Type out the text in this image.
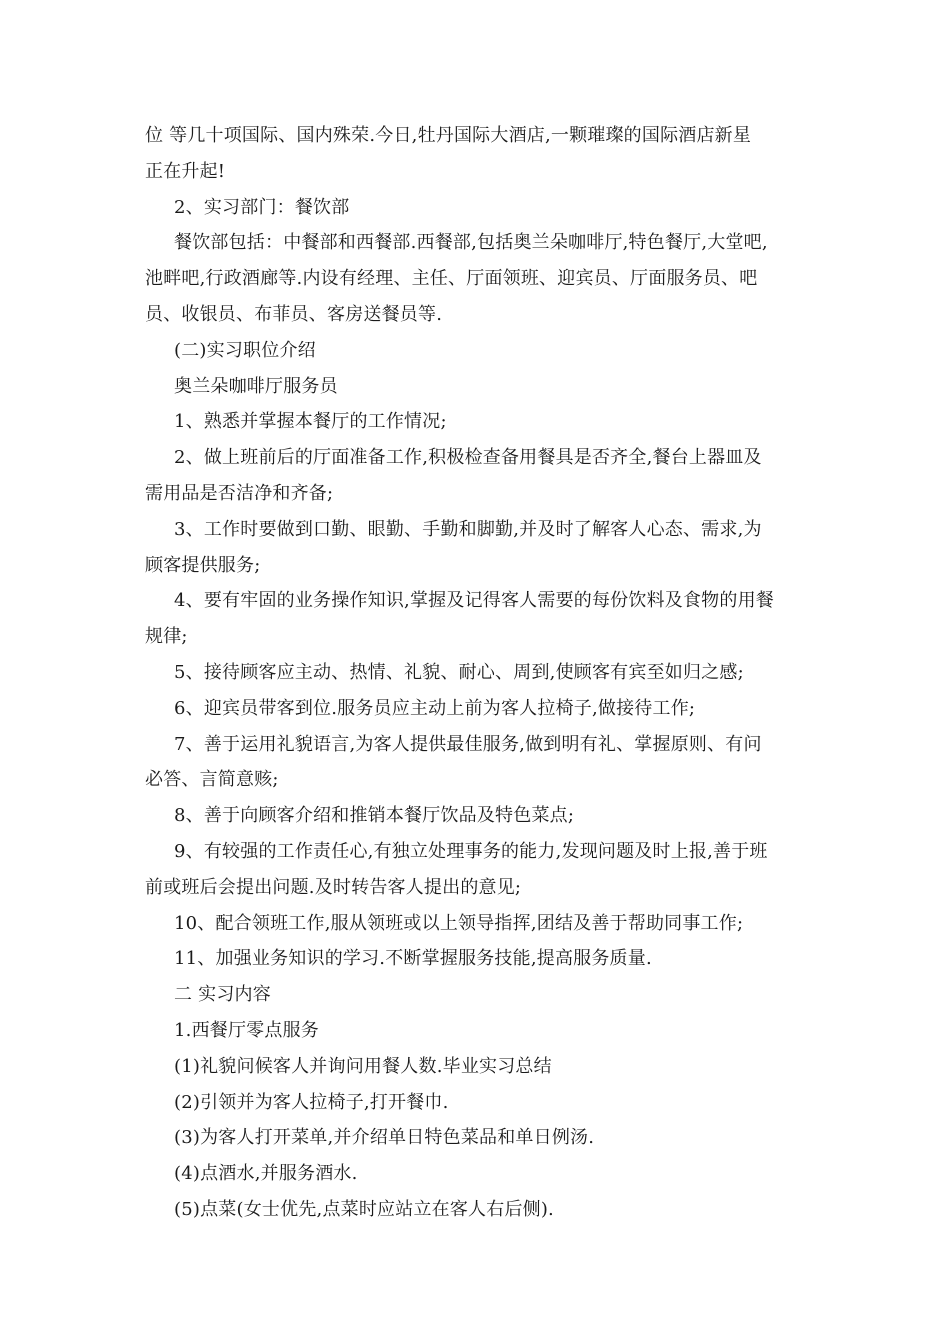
位 等几十项国际、国内殊荣.今日,牡丹国际大酒店,一颗璀璨的国际酒店新星
正在升起!
2、实习部门：餐饮部
餐饮部包括：中餐部和西餐部.西餐部,包括奥兰朵咖啡厅,特色餐厅,大堂吧,
池畔吧,行政酒廊等.内设有经理、主任、厅面领班、迎宾员、厅面服务员、吧
员、收银员、布菲员、客房送餐员等.
(二)实习职位介绍
奥兰朵咖啡厅服务员
1、熟悉并掌握本餐厅的工作情况;
2、做上班前后的厅面准备工作,积极检查备用餐具是否齐全,餐台上器皿及
需用品是否洁净和齐备;
3、工作时要做到口勤、眼勤、手勤和脚勤,并及时了解客人心态、需求,为
顾客提供服务;
4、要有牢固的业务操作知识,掌握及记得客人需要的每份饮料及食物的用餐
规律;
5、接待顾客应主动、热情、礼貌、耐心、周到,使顾客有宾至如归之感;
6、迎宾员带客到位.服务员应主动上前为客人拉椅子,做接待工作;
7、善于运用礼貌语言,为客人提供最佳服务,做到明有礼、掌握原则、有问
必答、言简意赅;
8、善于向顾客介绍和推销本餐厅饮品及特色菜点;
9、有较强的工作责任心,有独立处理事务的能力,发现问题及时上报,善于班
前或班后会提出问题.及时转告客人提出的意见;
10、配合领班工作,服从领班或以上领导指挥,团结及善于帮助同事工作;
11、加强业务知识的学习.不断掌握服务技能,提高服务质量.
二 实习内容
1.西餐厅零点服务
(1)礼貌问候客人并询问用餐人数.毕业实习总结
(2)引领并为客人拉椅子,打开餐巾.
(3)为客人打开菜单,并介绍单日特色菜品和单日例汤.
(4)点酒水,并服务酒水.
(5)点菜(女士优先,点菜时应站立在客人右后侧).
